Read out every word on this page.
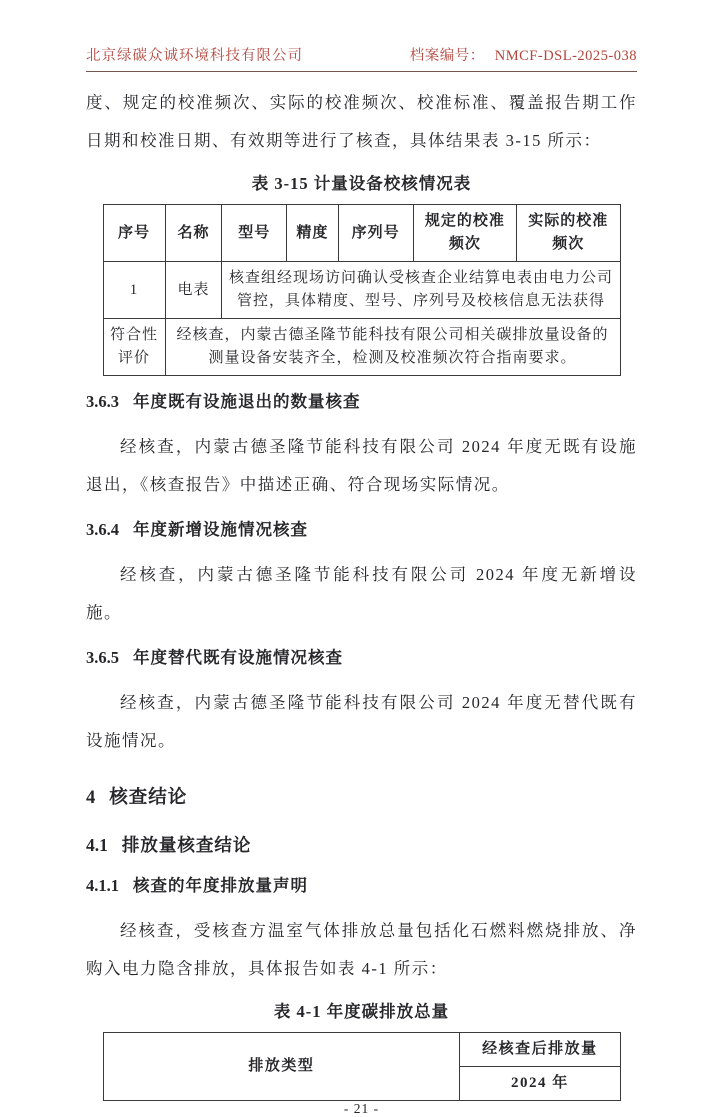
北京绿碳众诚环境科技有限公司	档案编号： NMCF-DSL-2025-038

度、规定的校准频次、实际的校准频次、校准标准、覆盖报告期工作日期和校准日期、有效期等进行了核查，具体结果表 3-15 所示：

表 3-15 计量设备校核情况表
序号	名称	型号	精度	序列号	规定的校准频次	实际的校准频次
1	电表	核查组经现场访问确认受核查企业结算电表由电力公司管控，具体精度、型号、序列号及校核信息无法获得				
符合性评价	经核查，内蒙古德圣隆节能科技有限公司相关碳排放量设备的测量设备安装齐全，检测及校准频次符合指南要求。					
3.6.3 年度既有设施退出的数量核查

经核查，内蒙古德圣隆节能科技有限公司 2024 年度无既有设施退出，《核查报告》中描述正确、符合现场实际情况。

3.6.4 年度新增设施情况核查

经核查，内蒙古德圣隆节能科技有限公司 2024 年度无新增设施。

3.6.5 年度替代既有设施情况核查

经核查，内蒙古德圣隆节能科技有限公司 2024 年度无替代既有设施情况。

4 核查结论
4.1 排放量核查结论
4.1.1 核查的年度排放量声明

经核查，受核查方温室气体排放总量包括化石燃料燃烧排放、净购入电力隐含排放，具体报告如表 4-1 所示：

表 4-1 年度碳排放总量
排放类型	经核查后排放量
2024 年
- 21 -
